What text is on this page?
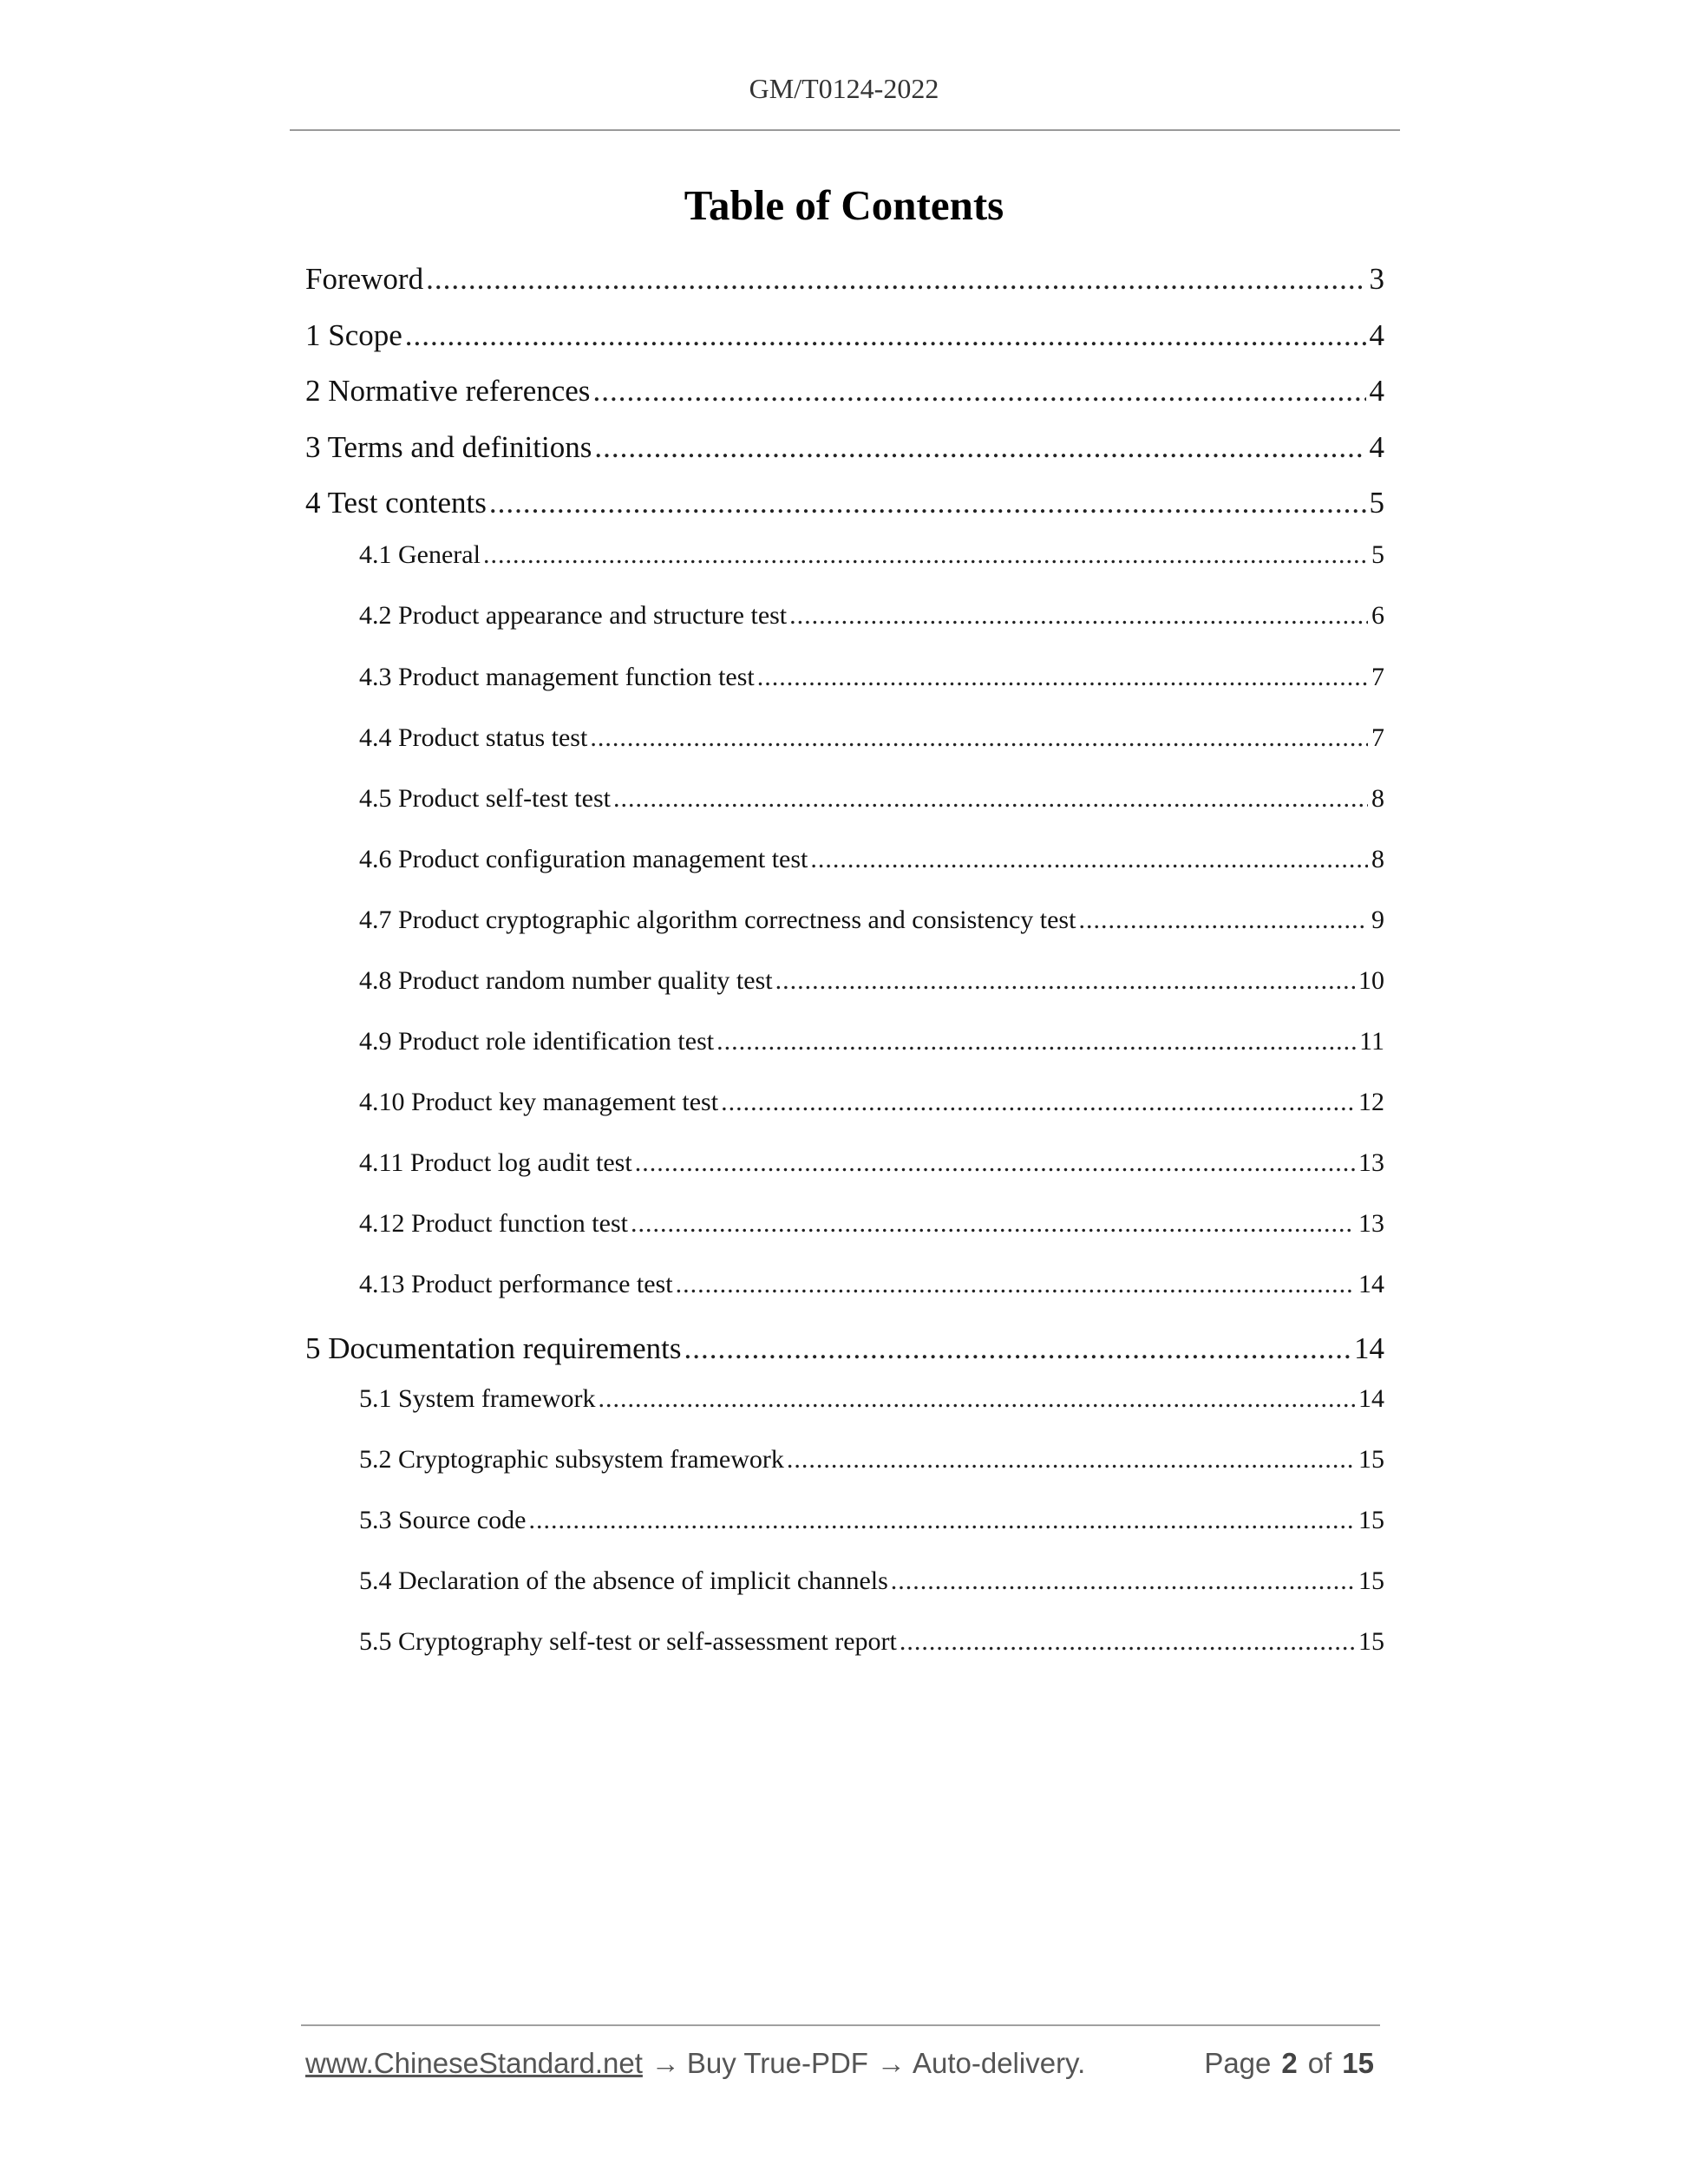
GM/T0124-2022
Table of Contents
Foreword .....	3
1 Scope .....	4
2 Normative references .....	4
3 Terms and definitions .....	4
4 Test contents .....	5
4.1 General .....	5
4.2 Product appearance and structure test .....	6
4.3 Product management function test .....	7
4.4 Product status test .....	7
4.5 Product self-test test .....	8
4.6 Product configuration management test .....	8
4.7 Product cryptographic algorithm correctness and consistency test .....	9
4.8 Product random number quality test .....	10
4.9 Product role identification test .....	11
4.10 Product key management test .....	12
4.11 Product log audit test .....	13
4.12 Product function test .....	13
4.13 Product performance test .....	14
5 Documentation requirements .....	14
5.1 System framework .....	14
5.2 Cryptographic subsystem framework .....	15
5.3 Source code .....	15
5.4 Declaration of the absence of implicit channels .....	15
5.5 Cryptography self-test or self-assessment report .....	15
www.ChineseStandard.net → Buy True-PDF → Auto-delivery.	Page 2 of 15
